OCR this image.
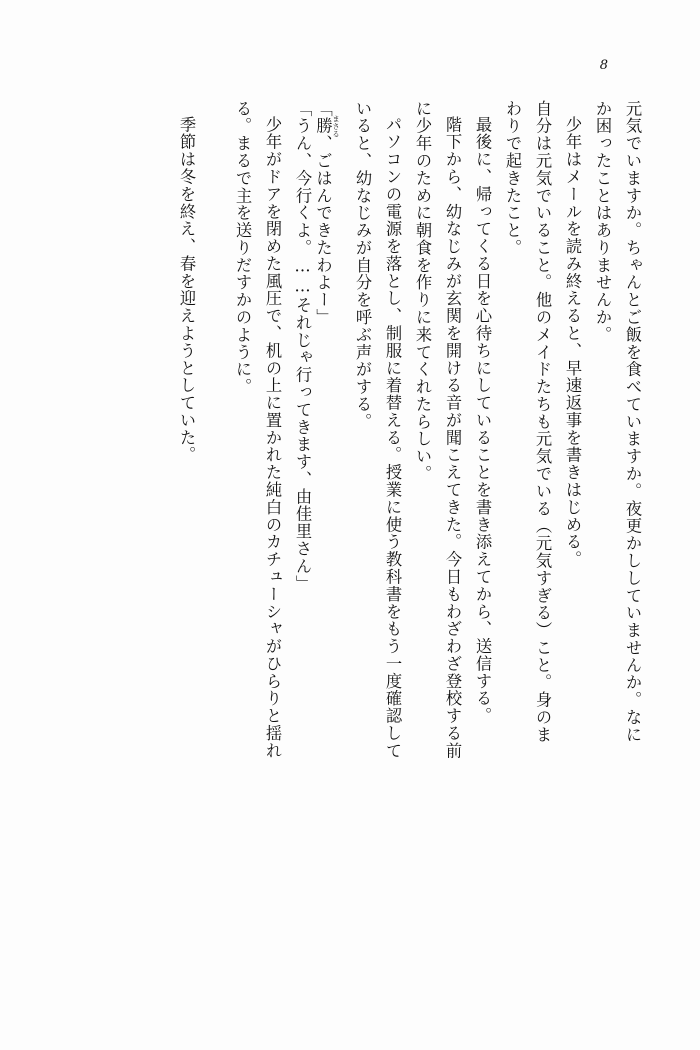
8
元気でいますか。ちゃんとご飯を食べていますか。夜更かししていませんか。なに
か困ったことはありませんか。
少年はメールを読み終えると、早速返事を書きはじめる。
自分は元気でいること。他のメイドたちも元気でいる（元気すぎる）こと。身のま
わりで起きたこと。
最後に、帰ってくる日を心待ちにしていることを書き添えてから、送信する。
階下から、幼なじみが玄関を開ける音が聞こえてきた。今日もわざわざ登校する前
に少年のために朝食を作りに来てくれたらしい。
パソコンの電源を落とし、制服に着替える。授業に使う教科書をもう一度確認して
いると、幼なじみが自分を呼ぶ声がする。
「勝 まさる、ごはんできたわよー」
「うん、今行くよ。……それじゃ行ってきます、由佳里さん」
少年がドアを閉めた風圧で、机の上に置かれた純白のカチューシャがひらりと揺れ
る。まるで主を送りだすかのように。
季節は冬を終え、春を迎えようとしていた。
